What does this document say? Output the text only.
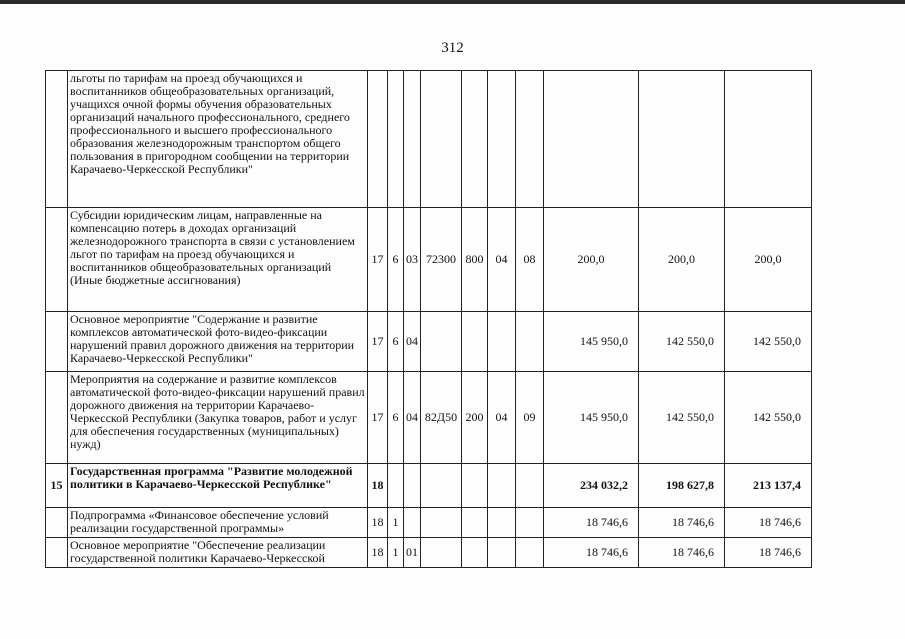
312
	льготы по тарифам на проезд обучающихся и воспитанников общеобразовательных организаций, учащихся очной формы обучения образовательных организаций начального профессионального, среднего профессионального и высшего профессионального образования железнодорожным транспортом общего пользования в пригородном сообщении на территории Карачаево-Черкесской Республики"										
	Субсидии юридическим лицам, направленные на компенсацию потерь в доходах организаций железнодорожного транспорта в связи с установлением льгот по тарифам на проезд обучающихся и воспитанников общеобразовательных организаций (Иные бюджетные ассигнования)	17	6	03	72300	800	04	08	200,0	200,0	200,0
	Основное мероприятие "Содержание и развитие комплексов автоматической фото-видео-фиксации нарушений правил дорожного движения на территории Карачаево-Черкесской Республики"	17	6	04					145 950,0	142 550,0	142 550,0
	Мероприятия на содержание и развитие комплексов автоматической фото-видео-фиксации нарушений правил дорожного движения на территории Карачаево-Черкесской Республики (Закупка товаров, работ и услуг для обеспечения государственных (муниципальных) нужд)	17	6	04	82Д50	200	04	09	145 950,0	142 550,0	142 550,0
15	Государственная программа "Развитие молодежной политики в Карачаево-Черкесской Республике"	18							234 032,2	198 627,8	213 137,4
	Подпрограмма «Финансовое обеспечение условий реализации государственной программы»	18	1						18 746,6	18 746,6	18 746,6
	Основное мероприятие "Обеспечение реализации государственной политики Карачаево-Черкесской	18	1	01					18 746,6	18 746,6	18 746,6
